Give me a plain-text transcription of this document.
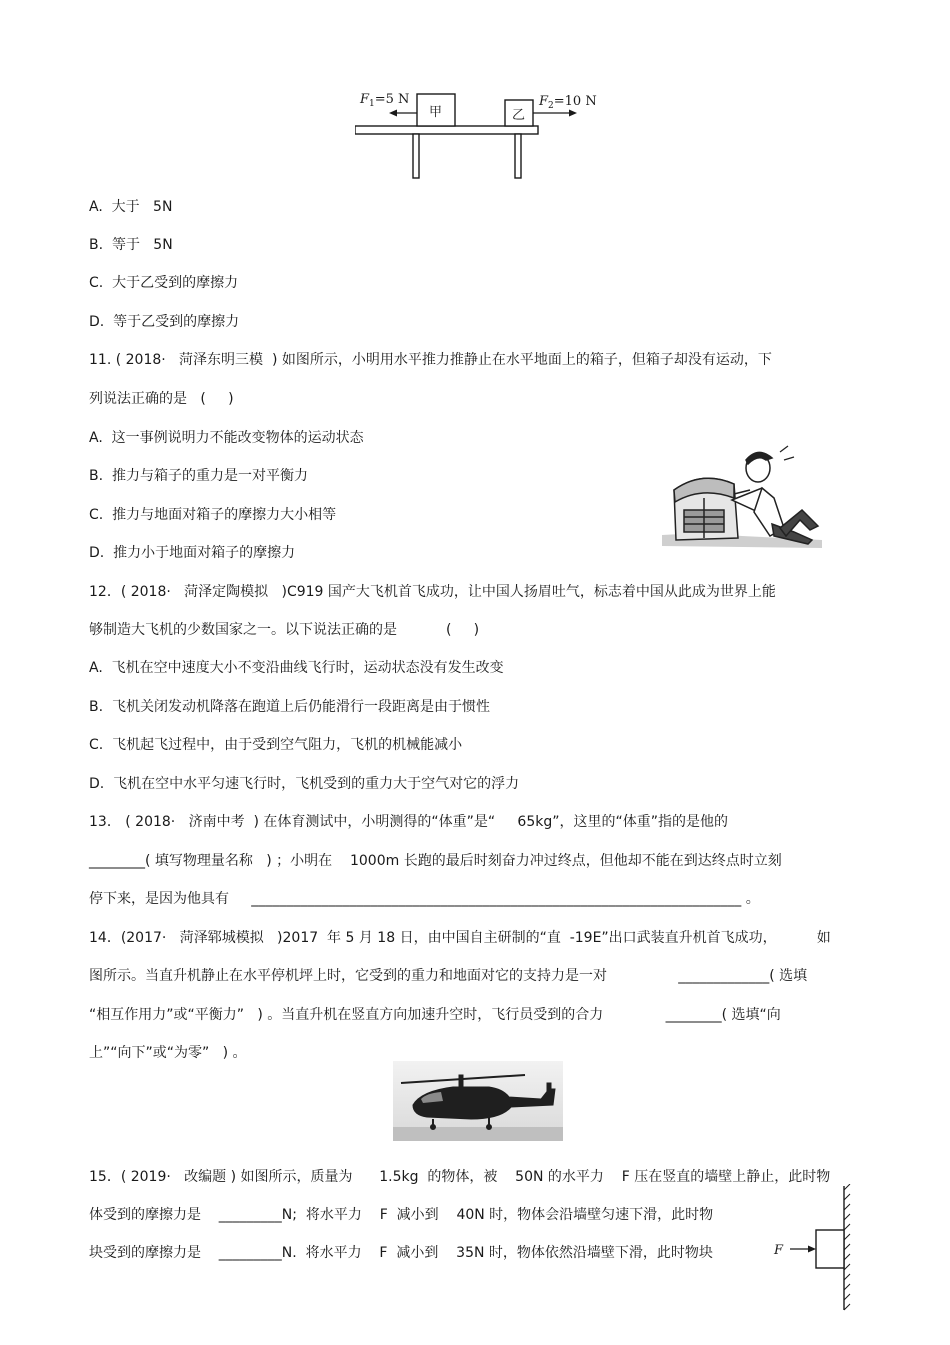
甲	乙
$F_1=5$ N	$F_2=10$ N
A.  大于   5N
B.  等于   5N
C.  大于乙受到的摩擦力
D.  等于乙受到的摩擦力
11. ( 2018·   菏泽东明三模  ) 如图所示，小明用水平推力推静止在水平地面上的箱子，但箱子却没有运动，下
列说法正确的是   (     )
A.  这一事例说明力不能改变物体的运动状态
B.  推力与箱子的重力是一对平衡力
C.  推力与地面对箱子的摩擦力大小相等
D.  推力小于地面对箱子的摩擦力
12．( 2018·   菏泽定陶模拟   )C919 国产大飞机首飞成功，让中国人扬眉吐气，标志着中国从此成为世界上能
够制造大飞机的少数国家之一。以下说法正确的是           (     )
A.  飞机在空中速度大小不变沿曲线飞行时，运动状态没有发生改变
B.  飞机关闭发动机降落在跑道上后仍能滑行一段距离是由于惯性
C.  飞机起飞过程中，由于受到空气阻力，飞机的机械能减小
D.  飞机在空中水平匀速飞行时，飞机受到的重力大于空气对它的浮力
13． ( 2018·   济南中考  ) 在体育测试中，小明测得的“体重”是“     65kg”，这里的“体重”指的是他的
________( 填写物理量名称   ) ；小明在    1000m 长跑的最后时刻奋力冲过终点，但他却不能在到达终点时立刻
停下来，是因为他具有     ______________________________________________________________________ 。
14．(2017·   菏泽郓城模拟   )2017  年 5 月 18 日，由中国自主研制的“直  -19E”出口武装直升机首飞成功，         如
图所示。当直升机静止在水平停机坪上时，它受到的重力和地面对它的支持力是一对                _____________( 选填
“相互作用力”或“平衡力”   ) 。当直升机在竖直方向加速升空时，飞行员受到的合力              ________( 选填“向
上”“向下”或“为零”   ) 。
15．( 2019·   改编题 ) 如图所示，质量为      1.5kg  的物体，被    50N 的水平力    F 压在竖直的墙壁上静止，此时物
体受到的摩擦力是    _________N;  将水平力    F  减小到    40N 时，物体会沿墙壁匀速下滑，此时物
块受到的摩擦力是    _________N.  将水平力    F  减小到    35N 时，物体依然沿墙壁下滑，此时物块	F
